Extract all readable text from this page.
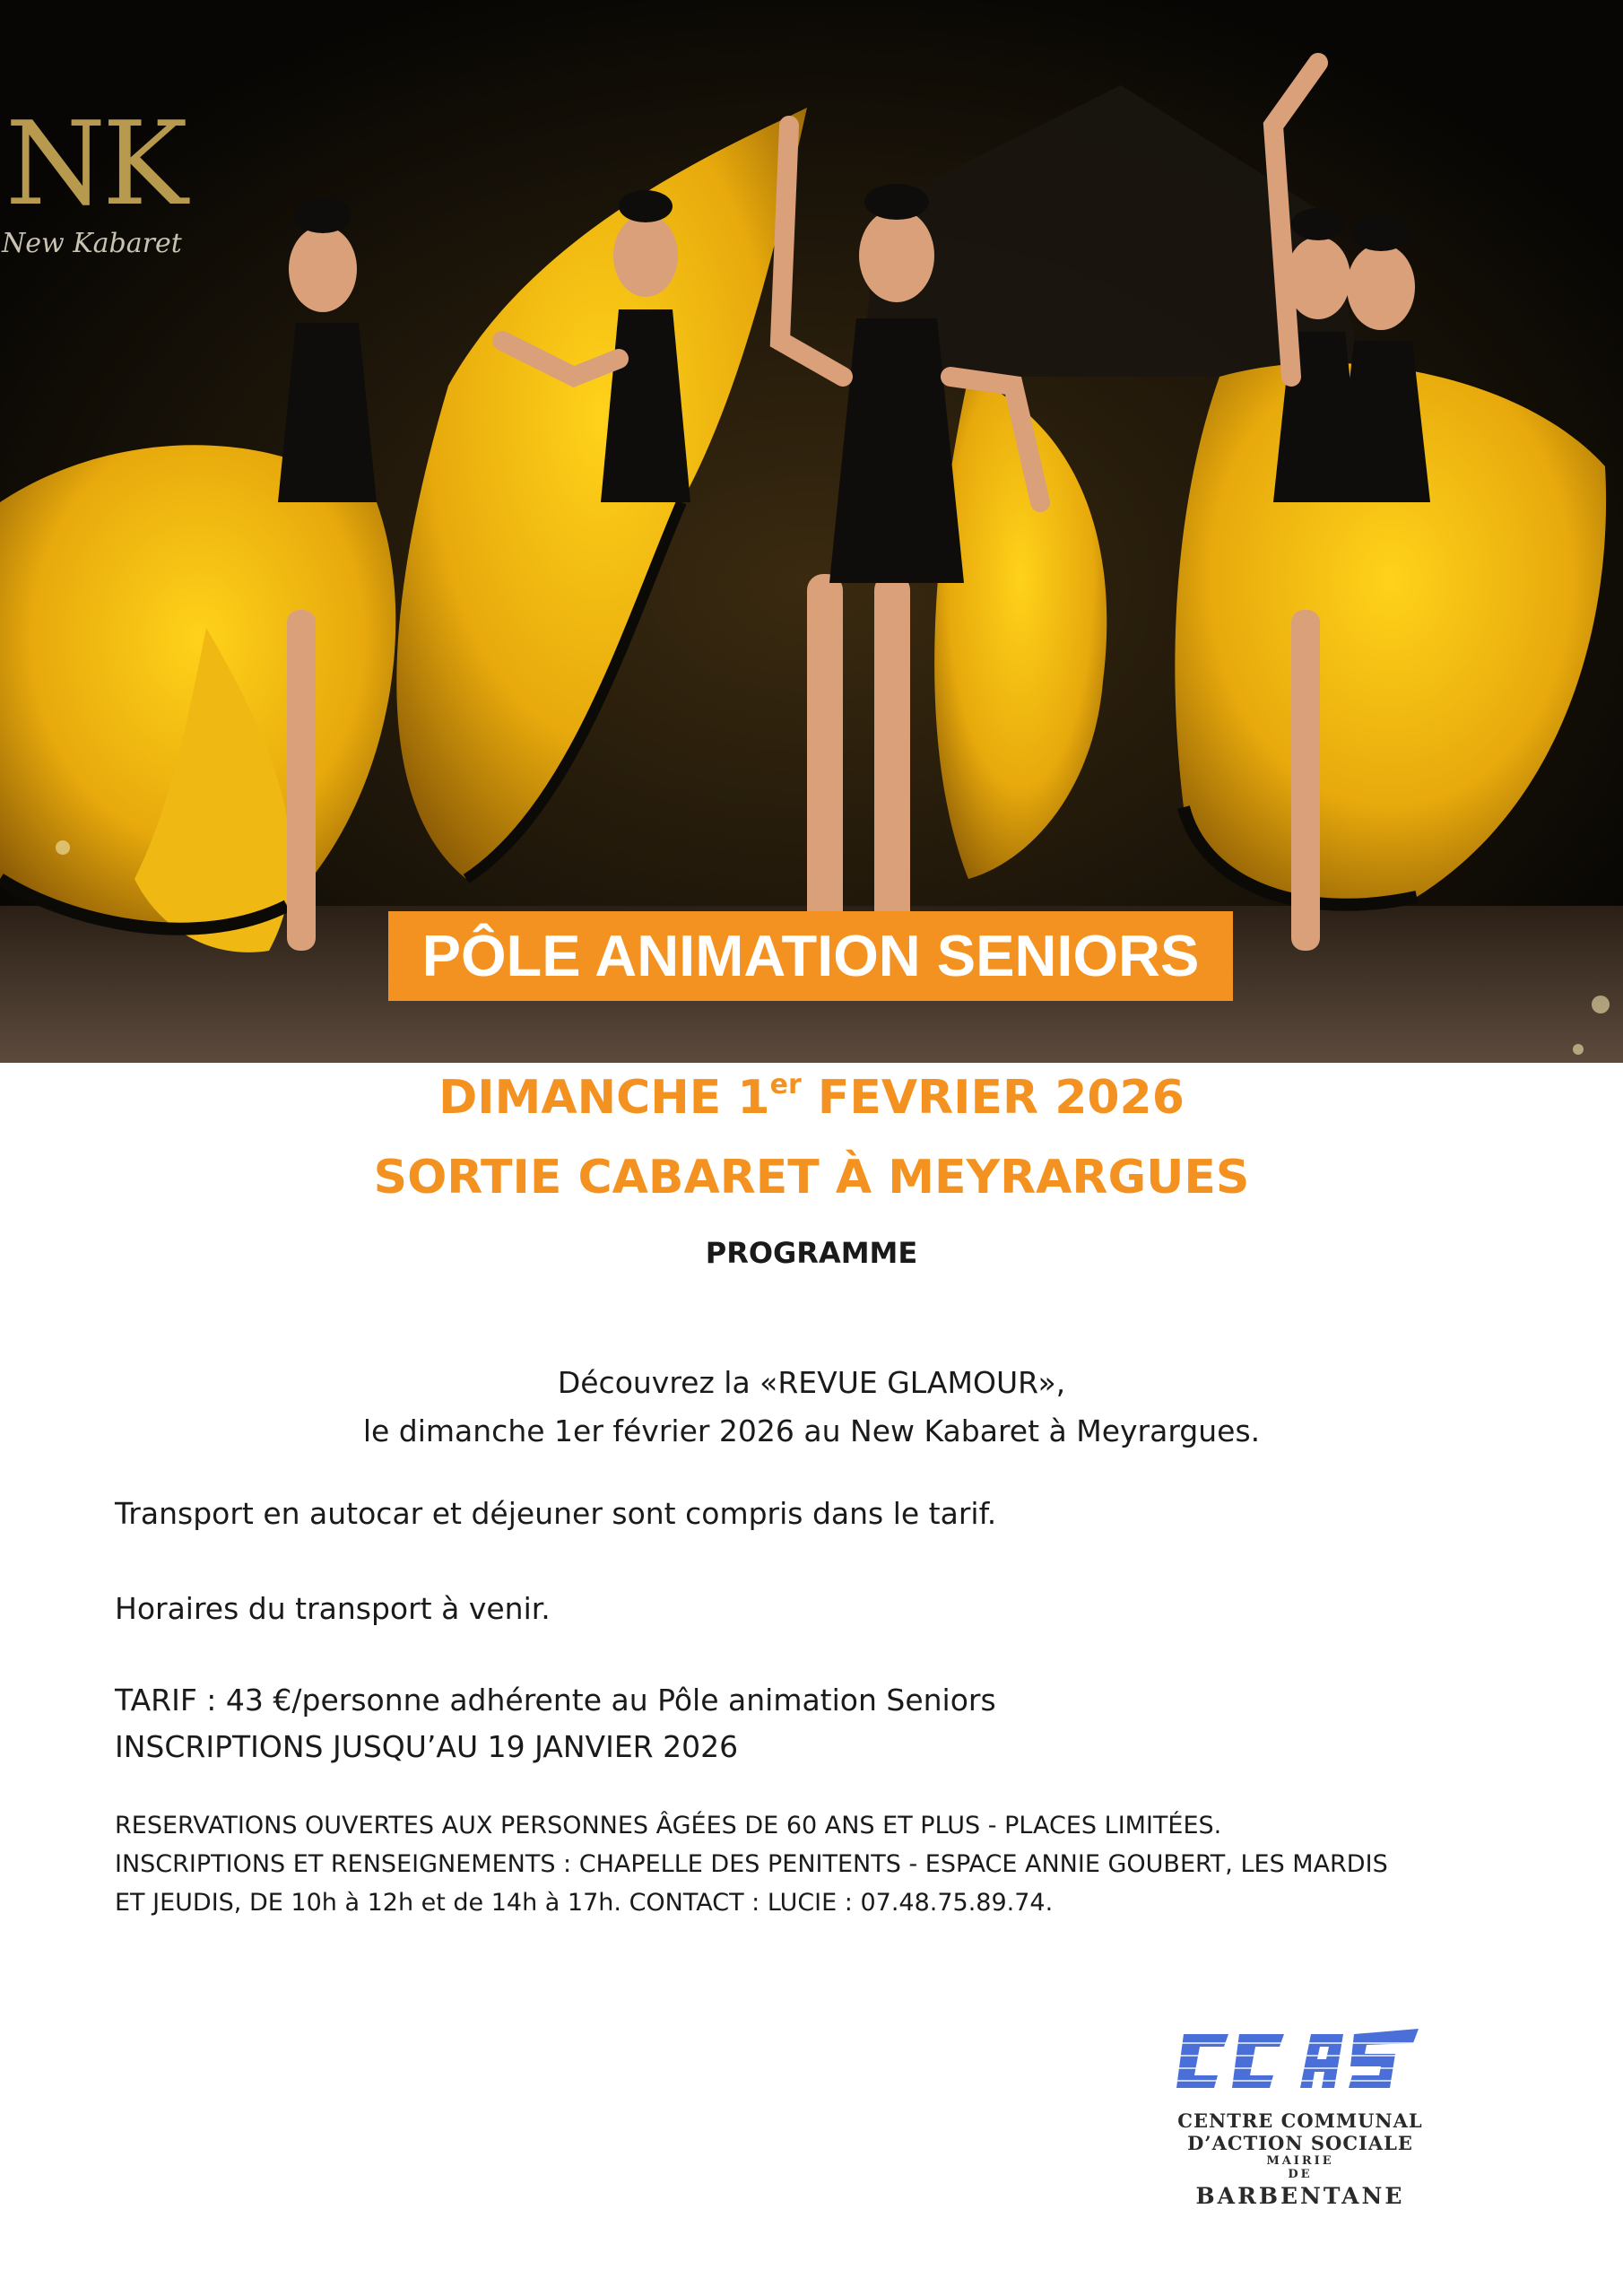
NK
New Kabaret
PÔLE ANIMATION SENIORS
DIMANCHE 1er FEVRIER 2026
SORTIE CABARET À MEYRARGUES
PROGRAMME
Découvrez la «REVUE GLAMOUR»,
le dimanche 1er février 2026 au New Kabaret à Meyrargues.
Transport en autocar et déjeuner sont compris dans le tarif.
Horaires du transport à venir.
TARIF : 43 €/personne adhérente au Pôle animation Seniors
INSCRIPTIONS JUSQU’AU 19 JANVIER 2026
RESERVATIONS OUVERTES AUX PERSONNES ÂGÉES DE 60 ANS ET PLUS - PLACES LIMITÉES.
INSCRIPTIONS ET RENSEIGNEMENTS : CHAPELLE DES PENITENTS - ESPACE ANNIE GOUBERT, LES MARDIS
ET JEUDIS, DE 10h à 12h et de 14h à 17h. CONTACT : LUCIE : 07.48.75.89.74.
CENTRE COMMUNAL
D’ACTION SOCIALE
MAIRIE
DE
BARBENTANE
